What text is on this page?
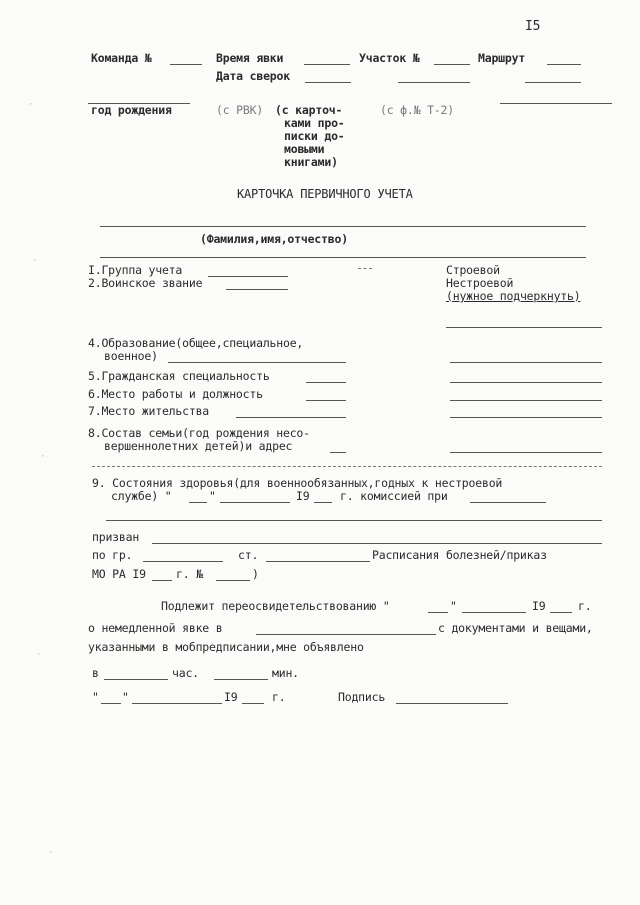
I5
Команда №	Время явки	Участок №	Маршрут
Дата сверок
год рождения	(с РВК) (с карточ-
ками про-
писки до-
мовыми
книгами)
(с ф.№ Т-2)
КАРТОЧКА ПЕРВИЧНОГО УЧЕТА
(Фамилия,имя,отчество)
I.Группа учета
2.Воинское звание
Строевой
Нестроевой
(нужное подчеркнуть)
4.Образование(общее,специальное,
военное)
5.Гражданская специальность
6.Место работы и должность
7.Место жительства
8.Состав семьи(год рождения несо-
вершеннолетних детей)и адрес
9. Состояния здоровья(для военнообязанных,годных к нестроевой
службе) "	"	I9	г. комиссией при
призван
по гр.	ст.	Расписания болезней/приказ
МО РА I9	г. №	)
Подлежит переосвидетельствованию "	"	I9	г.
о немедленной явке в	с документами и вещами,
указанными в мобпредписании,мне объявлено
в	час.	мин.
" "	I9	г.	Подпись
·
·
·
·
·
